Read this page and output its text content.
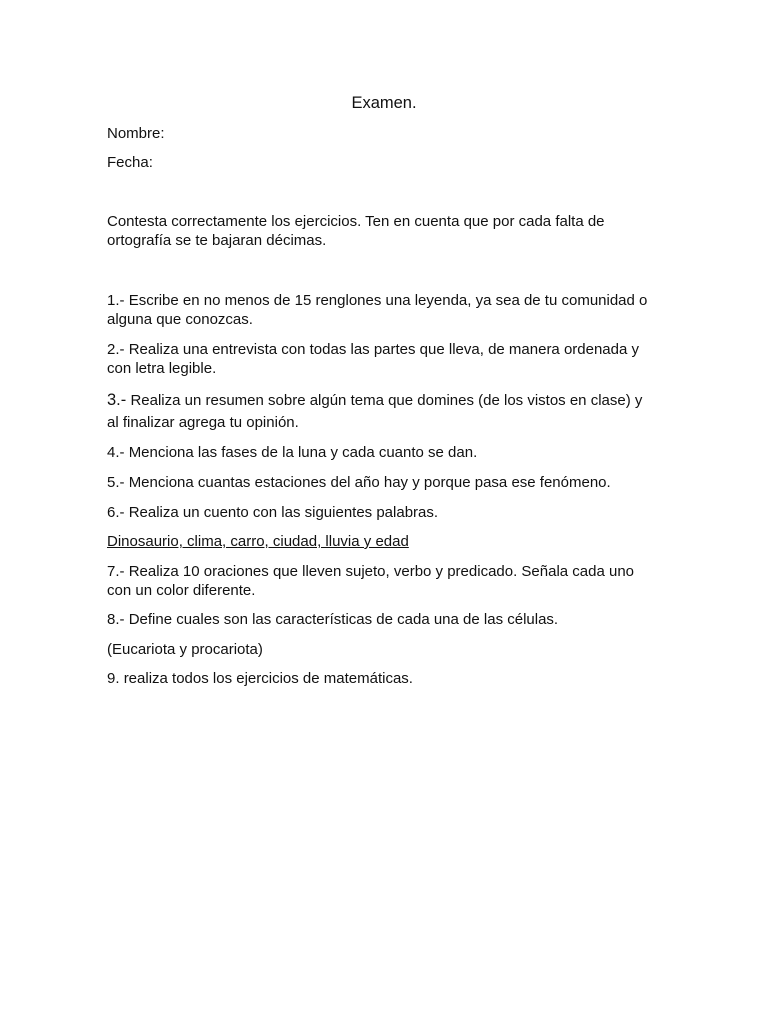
Examen.

Nombre:

Fecha:

Contesta correctamente los ejercicios. Ten en cuenta que por cada falta de ortografía se te bajaran décimas.

1.- Escribe en no menos de 15 renglones una leyenda, ya sea de tu comunidad o alguna que conozcas.

2.- Realiza una entrevista con todas las partes que lleva, de manera ordenada y con letra legible.

3.- Realiza un resumen sobre algún tema que domines (de los vistos en clase) y al finalizar agrega tu opinión.

4.- Menciona las fases de la luna y cada cuanto se dan.

5.- Menciona cuantas estaciones del año hay y porque pasa ese fenómeno.

6.- Realiza un cuento con las siguientes palabras.

Dinosaurio, clima, carro, ciudad, lluvia y edad

7.- Realiza 10 oraciones que lleven sujeto, verbo y predicado. Señala cada uno con un color diferente.

8.- Define cuales son las características de cada una de las células.

(Eucariota y procariota)

9. realiza todos los ejercicios de matemáticas.
